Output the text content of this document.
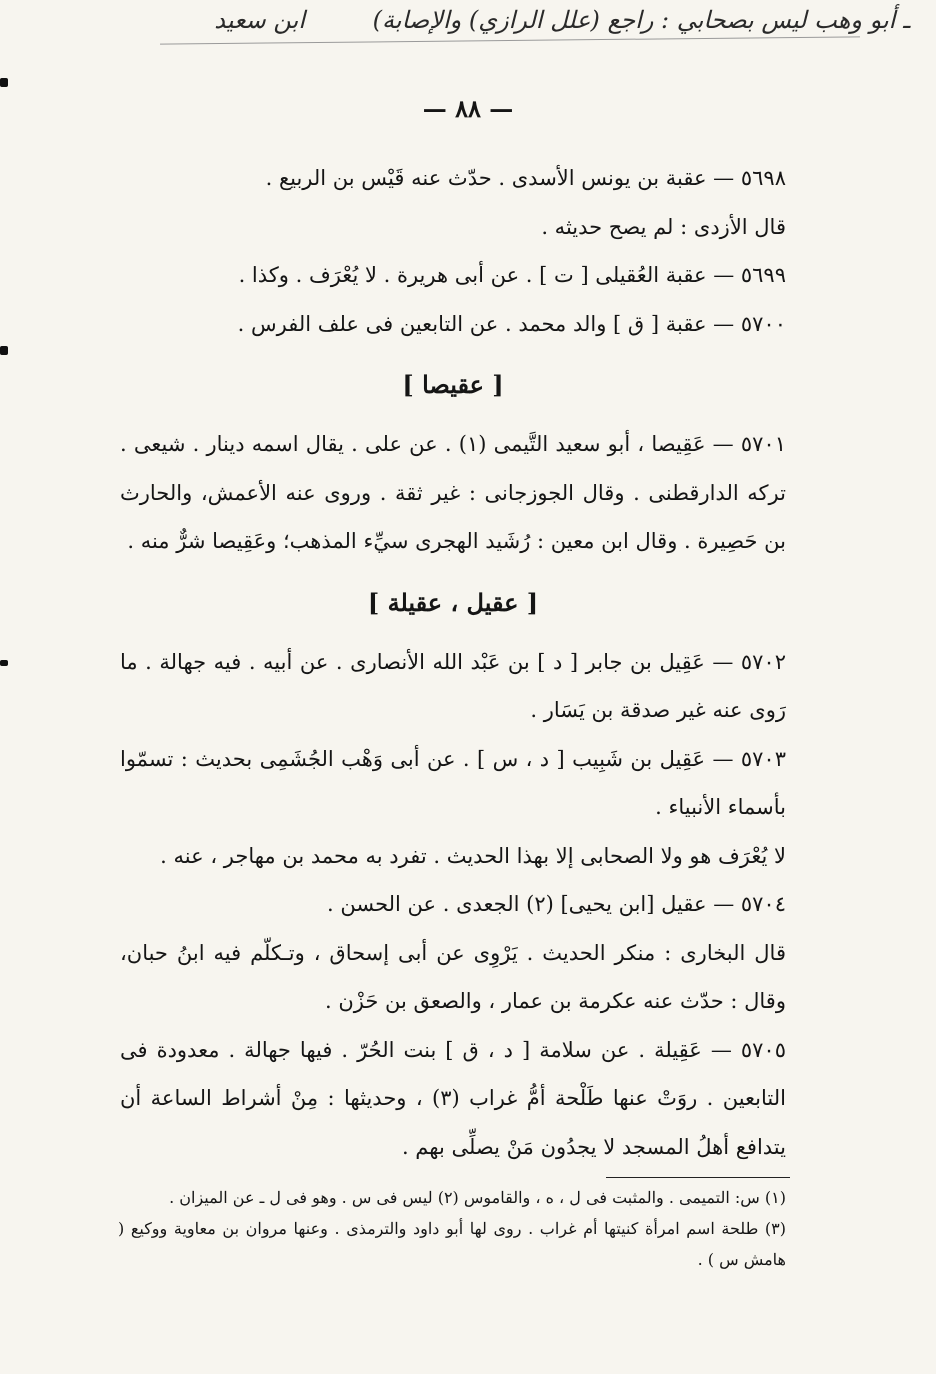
ـ أبو وهب ليس بصحابي : راجع (علل الرازي) والإصابة) ابن سعيد
— ٨٨ —

٥٦٩٨ — عقبة بن يونس الأسدى . حدّث عنه قَيْس بن الربيع .

قال الأزدى : لم يصح حديثه .

٥٦٩٩ — عقبة العُقيلى [ ت ] . عن أبى هريرة . لا يُعْرَف . وكذا .

٥٧٠٠ — عقبة [ ق ] والد محمد . عن التابعين فى علف الفرس .

[ عقيصا ]

٥٧٠١ — عَقِيصا ، أبو سعيد التَّيمى (١) . عن على . يقال اسمه دينار . شيعى . تركه الدارقطنى . وقال الجوزجانى : غير ثقة . وروى عنه الأعمش، والحارث بن حَصِيرة . وقال ابن معين : رُشَيد الهجرى سيِّء المذهب؛ وعَقِيصا شرٌّ منه .

[ عقيل ، عقيلة ]

٥٧٠٢ — عَقِيل بن جابر [ د ] بن عَبْد الله الأنصارى . عن أبيه . فيه جهالة . ما رَوى عنه غير صدقة بن يَسَار .

٥٧٠٣ — عَقِيل بن شَبِيب [ د ، س ] . عن أبى وَهْب الجُشَمِى بحديث : تسمّوا بأسماء الأنبياء .

لا يُعْرَف هو ولا الصحابى إلا بهذا الحديث . تفرد به محمد بن مهاجر ، عنه .

٥٧٠٤ — عقيل [ابن يحيى] (٢) الجعدى . عن الحسن .

قال البخارى : منكر الحديث . يَرْوِى عن أبى إسحاق ، وتـكلّم فيه ابنُ حبان، وقال : حدّث عنه عكرمة بن عمار ، والصعق بن حَزْن .

٥٧٠٥ — عَقِيلة . عن سلامة [ د ، ق ] بنت الحُرّ . فيها جهالة . معدودة فى التابعين . روَتْ عنها طَلْحة أمُّ غراب (٣) ، وحديثها : مِنْ أشراط الساعة أن يتدافع أهلُ المسجد لا يجدُون مَنْ يصلِّى بهم .

(١) س: التميمى . والمثبت فى ل ، ه ، والقاموس (٢) ليس فى س . وهو فى ل ـ عن الميزان .

(٣) طلحة اسم امرأة كنيتها أم غراب . روى لها أبو داود والترمذى . وعنها مروان بن معاوية ووكيع ( هامش س ) .
